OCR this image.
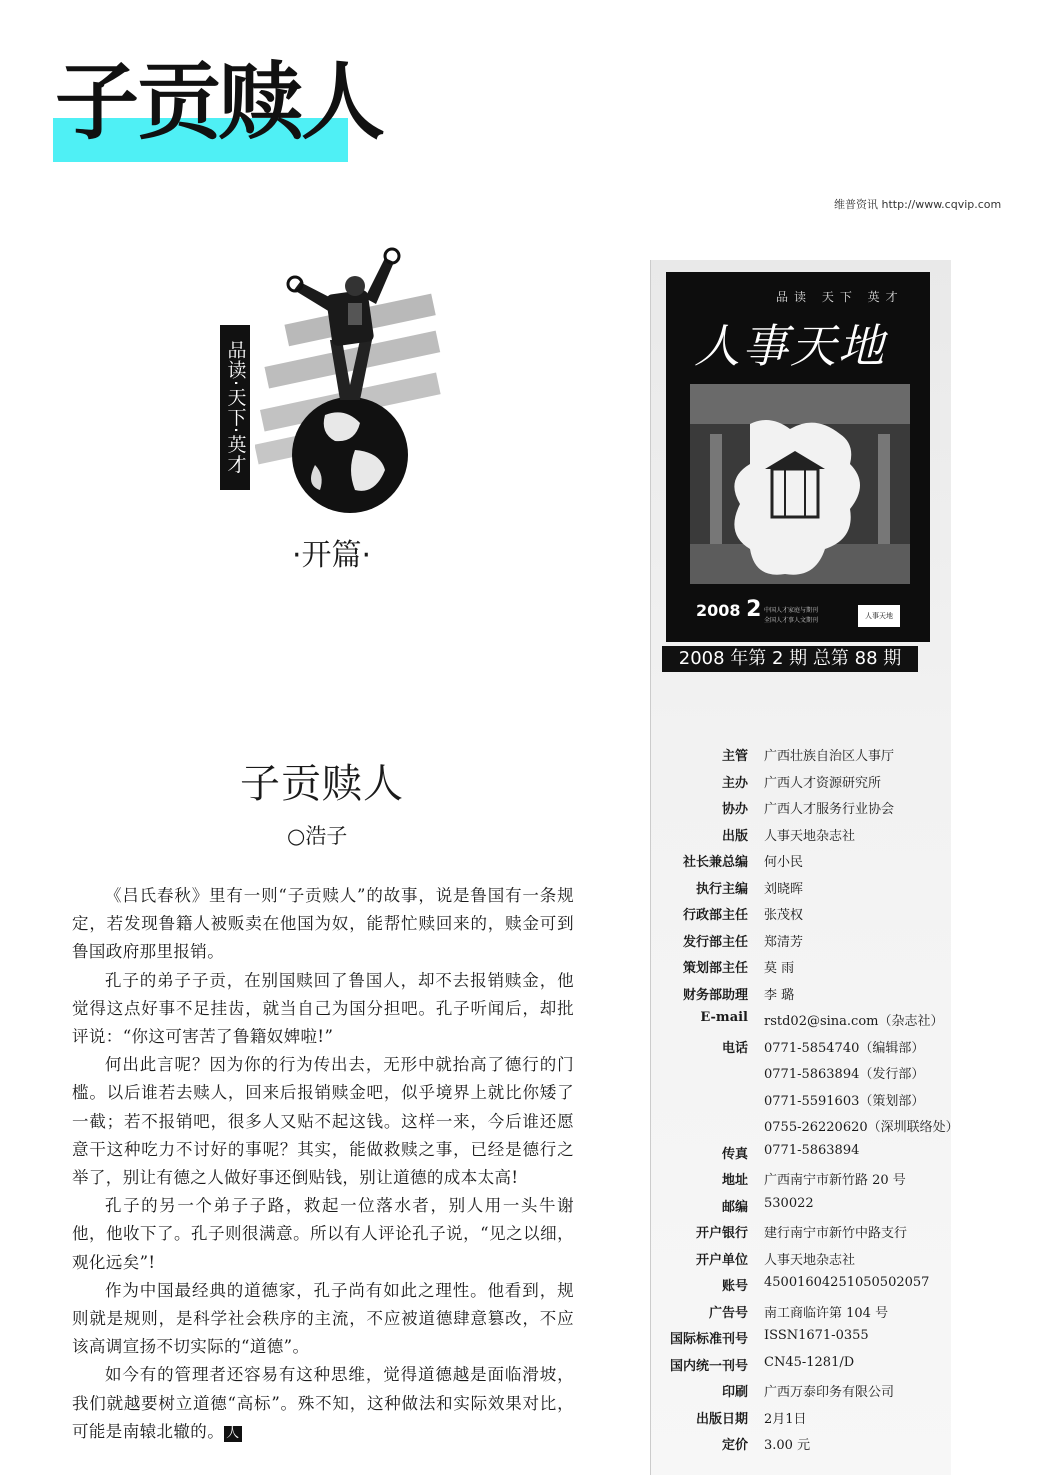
子贡赎人
维普资讯 http://www.cqvip.com
品读·天下·英才
·开篇·
子贡赎人
○浩子

《吕氏春秋》里有一则“子贡赎人”的故事，说是鲁国有一条规定，若发现鲁籍人被贩卖在他国为奴，能帮忙赎回来的，赎金可到鲁国政府那里报销。

孔子的弟子子贡，在别国赎回了鲁国人，却不去报销赎金，他觉得这点好事不足挂齿，就当自己为国分担吧。孔子听闻后，却批评说：“你这可害苦了鲁籍奴婢啦!”

何出此言呢？因为你的行为传出去，无形中就抬高了德行的门槛。以后谁若去赎人，回来后报销赎金吧，似乎境界上就比你矮了一截；若不报销吧，很多人又贴不起这钱。这样一来，今后谁还愿意干这种吃力不讨好的事呢？其实，能做救赎之事，已经是德行之举了，别让有德之人做好事还倒贴钱，别让道德的成本太高!

孔子的另一个弟子子路，救起一位落水者，别人用一头牛谢他，他收下了。孔子则很满意。所以有人评论孔子说，“见之以细，观化远矣”!

作为中国最经典的道德家，孔子尚有如此之理性。他看到，规则就是规则，是科学社会秩序的主流，不应被道德肆意篡改，不应该高调宣扬不切实际的“道德”。

如今有的管理者还容易有这种思维，觉得道德越是面临滑坡，我们就越要树立道德“高标”。殊不知，这种做法和实际效果对比，可能是南辕北辙的。 人

品读 天下 英才
人事天地
2008 2 中国人才家庭与期刊
全国人才事人文期刊
人事天地
2008 年第 2 期 总第 88 期
主管 广西壮族自治区人事厅
主办 广西人才资源研究所
协办 广西人才服务行业协会
出版 人事天地杂志社
社长兼总编 何小民
执行主编 刘晓晖
行政部主任 张茂权
发行部主任 郑清芳
策划部主任 莫 雨
财务部助理 李 璐
E-mail rstd02@sina.com（杂志社）
电话 0771-5854740（编辑部）
0771-5863894（发行部）
0771-5591603（策划部）
0755-26220620（深圳联络处）
传真 0771-5863894
地址 广西南宁市新竹路 20 号
邮编 530022
开户银行 建行南宁市新竹中路支行
开户单位 人事天地杂志社
账号 45001604251050502057
广告号 南工商临许第 104 号
国际标准刊号 ISSN1671-0355
国内统一刊号 CN45-1281/D
印刷 广西万泰印务有限公司
出版日期 2月1日
定价 3.00 元
